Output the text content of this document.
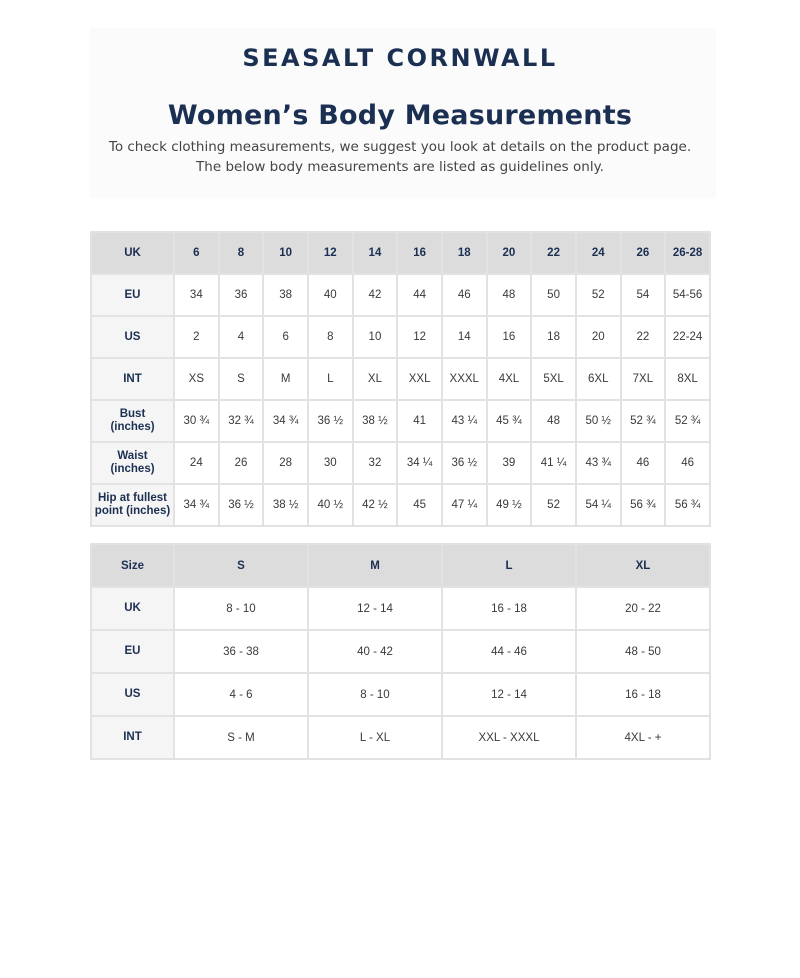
SEASALT CORNWALL
Women’s Body Measurements
To check clothing measurements, we suggest you look at details on the product page.
The below body measurements are listed as guidelines only.
UK	6	8	10	12	14	16	18	20	22	24	26	26-28
EU	34	36	38	40	42	44	46	48	50	52	54	54-56
US	2	4	6	8	10	12	14	16	18	20	22	22-24
INT	XS	S	M	L	XL	XXL	XXXL	4XL	5XL	6XL	7XL	8XL
Bust
(inches)	30 ¾	32 ¾	34 ¾	36 ½	38 ½	41	43 ¼	45 ¾	48	50 ½	52 ¾	52 ¾
Waist
(inches)	24	26	28	30	32	34 ¼	36 ½	39	41 ¼	43 ¾	46	46
Hip at fullest
point (inches)	34 ¾	36 ½	38 ½	40 ½	42 ½	45	47 ¼	49 ½	52	54 ¼	56 ¾	56 ¾
Size	S	M	L	XL
UK	8 - 10	12 - 14	16 - 18	20 - 22
EU	36 - 38	40 - 42	44 - 46	48 - 50
US	4 - 6	8 - 10	12 - 14	16 - 18
INT	S - M	L - XL	XXL - XXXL	4XL - +
